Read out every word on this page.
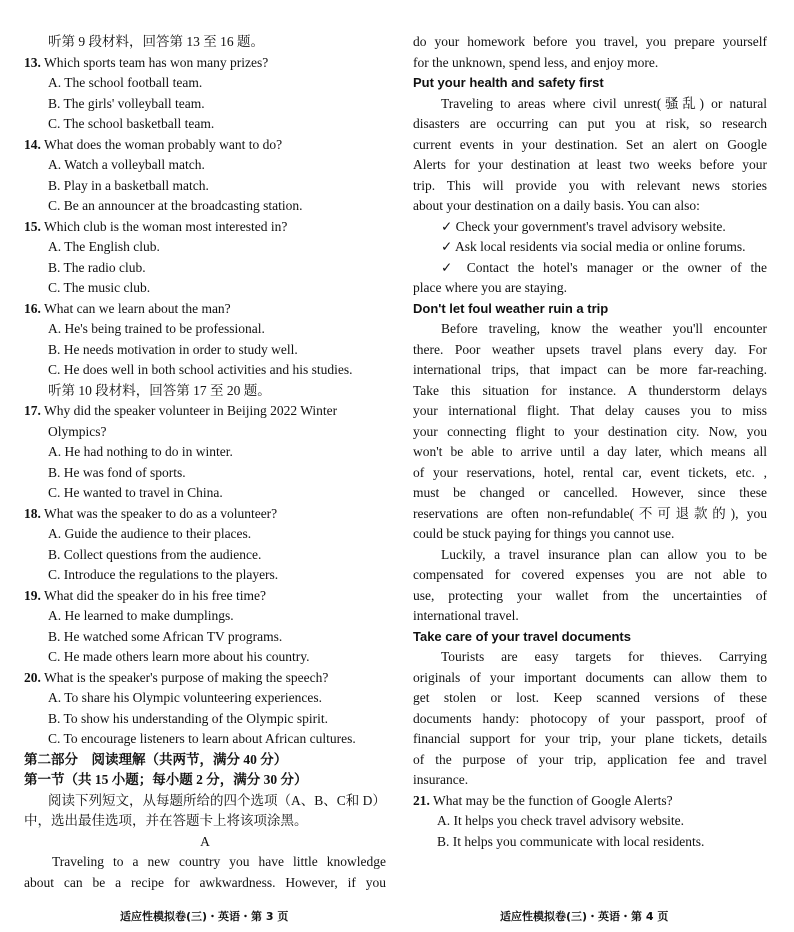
听第 9 段材料，回答第 13 至 16 题。
13. Which sports team has won many prizes?
A. The school football team.
B. The girls' volleyball team.
C. The school basketball team.
14. What does the woman probably want to do?
A. Watch a volleyball match.
B. Play in a basketball match.
C. Be an announcer at the broadcasting station.
15. Which club is the woman most interested in?
A. The English club.
B. The radio club.
C. The music club.
16. What can we learn about the man?
A. He's being trained to be professional.
B. He needs motivation in order to study well.
C. He does well in both school activities and his studies.
听第 10 段材料，回答第 17 至 20 题。
17. Why did the speaker volunteer in Beijing 2022 Winter
Olympics?
A. He had nothing to do in winter.
B. He was fond of sports.
C. He wanted to travel in China.
18. What was the speaker to do as a volunteer?
A. Guide the audience to their places.
B. Collect questions from the audience.
C. Introduce the regulations to the players.
19. What did the speaker do in his free time?
A. He learned to make dumplings.
B. He watched some African TV programs.
C. He made others learn more about his country.
20. What is the speaker's purpose of making the speech?
A. To share his Olympic volunteering experiences.
B. To show his understanding of the Olympic spirit.
C. To encourage listeners to learn about African cultures.
第二部分　阅读理解（共两节，满分 40 分）
第一节（共 15 小题；每小题 2 分，满分 30 分）
阅读下列短文，从每题所给的四个选项（A、B、C和 D）
中，选出最佳选项，并在答题卡上将该项涂黑。
A
Traveling to a new country you have little knowledge
about can be a recipe for awkwardness. However, if you
do your homework before you travel, you prepare yourself
for the unknown, spend less, and enjoy more.
Put your health and safety first
Traveling to areas where civil unrest(骚乱) or natural
disasters are occurring can put you at risk, so research
current events in your destination. Set an alert on Google
Alerts for your destination at least two weeks before your
trip. This will provide you with relevant news stories
about your destination on a daily basis. You can also:
✓ Check your government's travel advisory website.
✓ Ask local residents via social media or online forums.
✓ Contact the hotel's manager or the owner of the
place where you are staying.
Don't let foul weather ruin a trip
Before traveling, know the weather you'll encounter
there. Poor weather upsets travel plans every day. For
international trips, that impact can be more far-reaching.
Take this situation for instance. A thunderstorm delays
your international flight. That delay causes you to miss
your connecting flight to your destination city. Now, you
won't be able to arrive until a day later, which means all
of your reservations, hotel, rental car, event tickets, etc. ,
must be changed or cancelled. However, since these
reservations are often non-refundable(不可退款的), you
could be stuck paying for things you cannot use.
Luckily, a travel insurance plan can allow you to be
compensated for covered expenses you are not able to
use, protecting your wallet from the uncertainties of
international travel.
Take care of your travel documents
Tourists are easy targets for thieves. Carrying
originals of your important documents can allow them to
get stolen or lost. Keep scanned versions of these
documents handy: photocopy of your passport, proof of
financial support for your trip, your plane tickets, details
of the purpose of your trip, application fee and travel
insurance.
21. What may be the function of Google Alerts?
A. It helps you check travel advisory website.
B. It helps you communicate with local residents.
适应性模拟卷(三)・英语・第 3 页	适应性模拟卷(三)・英语・第 4 页
